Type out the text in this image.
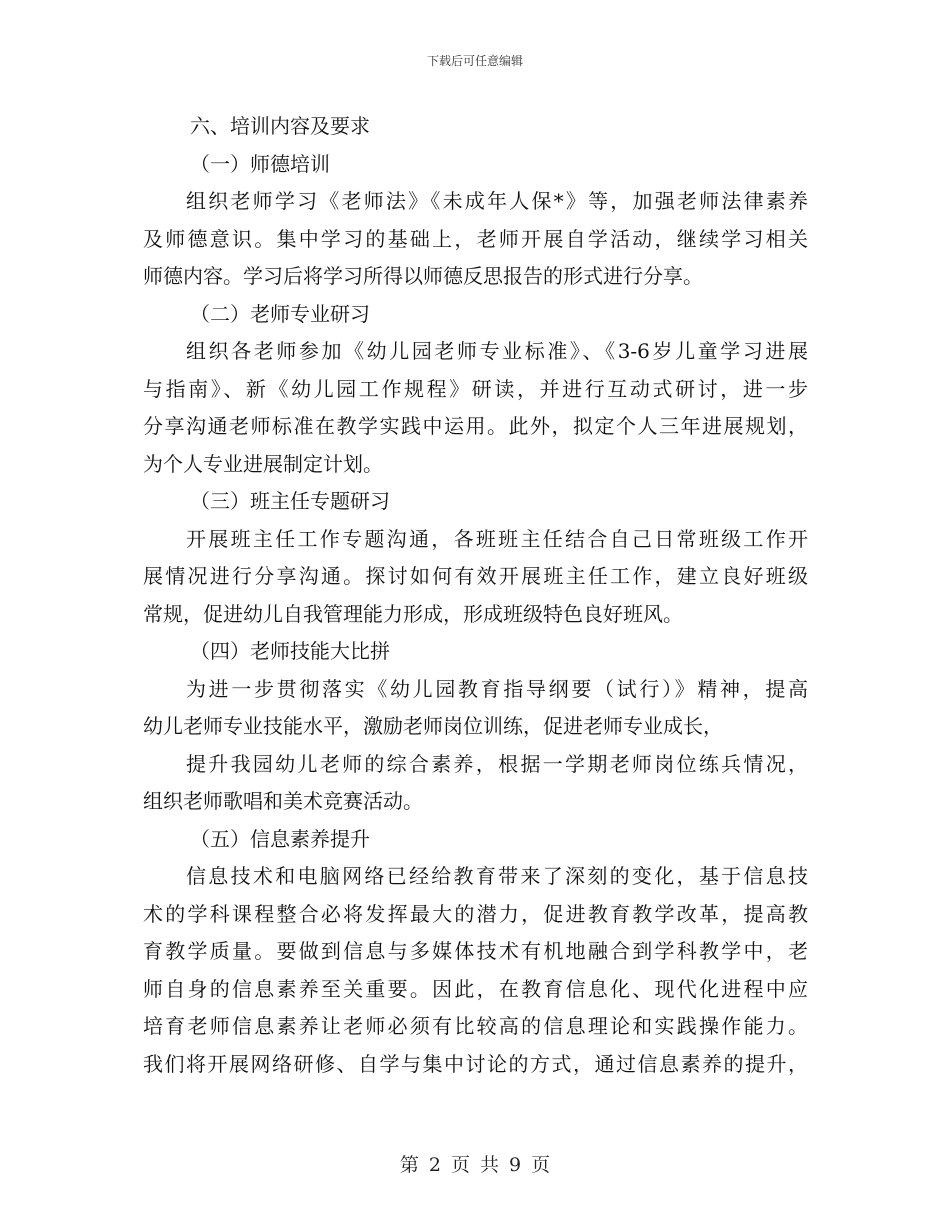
下载后可任意编辑
六、培训内容及要求
（一）师德培训
组织老师学习《老师法》《未成年人保*》等，加强老师法律素养
及师德意识。集中学习的基础上，老师开展自学活动，继续学习相关
师德内容。学习后将学习所得以师德反思报告的形式进行分享。
（二）老师专业研习
组织各老师参加《幼儿园老师专业标准》、《3-6岁儿童学习进展
与指南》、新《幼儿园工作规程》研读，并进行互动式研讨，进一步
分享沟通老师标准在教学实践中运用。此外，拟定个人三年进展规划，
为个人专业进展制定计划。
（三）班主任专题研习
开展班主任工作专题沟通，各班班主任结合自己日常班级工作开
展情况进行分享沟通。探讨如何有效开展班主任工作，建立良好班级
常规，促进幼儿自我管理能力形成，形成班级特色良好班风。
（四）老师技能大比拼
为进一步贯彻落实《幼儿园教育指导纲要（试行）》精神，提高
幼儿老师专业技能水平，激励老师岗位训练，促进老师专业成长，
提升我园幼儿老师的综合素养，根据一学期老师岗位练兵情况，
组织老师歌唱和美术竞赛活动。
（五）信息素养提升
信息技术和电脑网络已经给教育带来了深刻的变化，基于信息技
术的学科课程整合必将发挥最大的潜力，促进教育教学改革，提高教
育教学质量。要做到信息与多媒体技术有机地融合到学科教学中，老
师自身的信息素养至关重要。因此，在教育信息化、现代化进程中应
培育老师信息素养让老师必须有比较高的信息理论和实践操作能力。
我们将开展网络研修、自学与集中讨论的方式，通过信息素养的提升，
第 2 页 共 9 页
